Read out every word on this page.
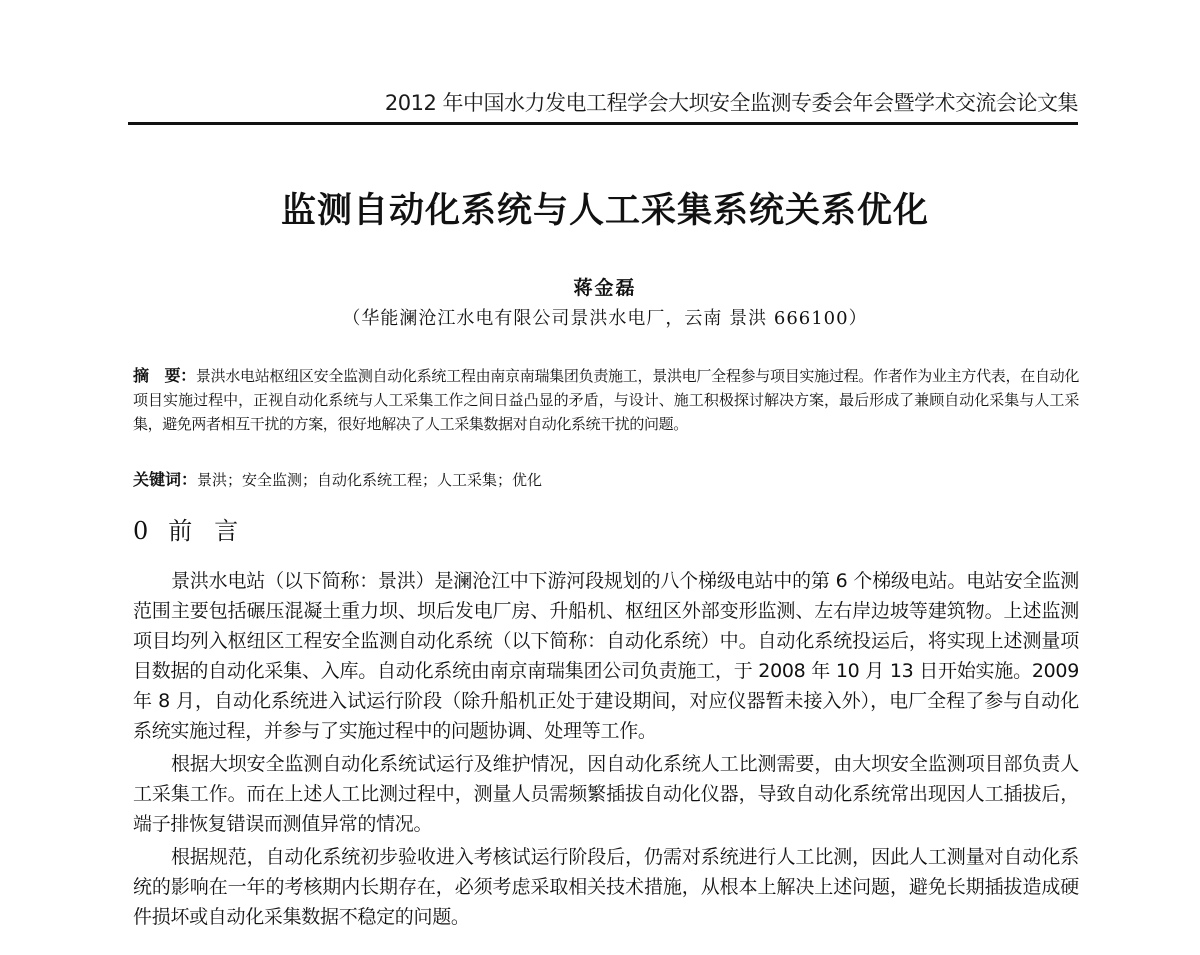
2012 年中国水力发电工程学会大坝安全监测专委会年会暨学术交流会论文集
监测自动化系统与人工采集系统关系优化
蒋金磊
（华能澜沧江水电有限公司景洪水电厂，云南 景洪 666100）
摘　要：景洪水电站枢纽区安全监测自动化系统工程由南京南瑞集团负责施工，景洪电厂全程参与项目实施过程。作者作为业主方代表，在自动化项目实施过程中，正视自动化系统与人工采集工作之间日益凸显的矛盾，与设计、施工积极探讨解决方案，最后形成了兼顾自动化采集与人工采集，避免两者相互干扰的方案，很好地解决了人工采集数据对自动化系统干扰的问题。
关键词：景洪；安全监测；自动化系统工程；人工采集；优化
0 前言

景洪水电站（以下简称：景洪）是澜沧江中下游河段规划的八个梯级电站中的第 6 个梯级电站。电站安全监测范围主要包括碾压混凝土重力坝、坝后发电厂房、升船机、枢纽区外部变形监测、左右岸边坡等建筑物。上述监测项目均列入枢纽区工程安全监测自动化系统（以下简称：自动化系统）中。自动化系统投运后，将实现上述测量项目数据的自动化采集、入库。自动化系统由南京南瑞集团公司负责施工，于 2008 年 10 月 13 日开始实施。2009 年 8 月，自动化系统进入试运行阶段（除升船机正处于建设期间，对应仪器暂未接入外），电厂全程了参与自动化系统实施过程，并参与了实施过程中的问题协调、处理等工作。

根据大坝安全监测自动化系统试运行及维护情况，因自动化系统人工比测需要，由大坝安全监测项目部负责人工采集工作。而在上述人工比测过程中，测量人员需频繁插拔自动化仪器，导致自动化系统常出现因人工插拔后，端子排恢复错误而测值异常的情况。

根据规范，自动化系统初步验收进入考核试运行阶段后，仍需对系统进行人工比测，因此人工测量对自动化系统的影响在一年的考核期内长期存在，必须考虑采取相关技术措施，从根本上解决上述问题，避免长期插拔造成硬件损坏或自动化采集数据不稳定的问题。
